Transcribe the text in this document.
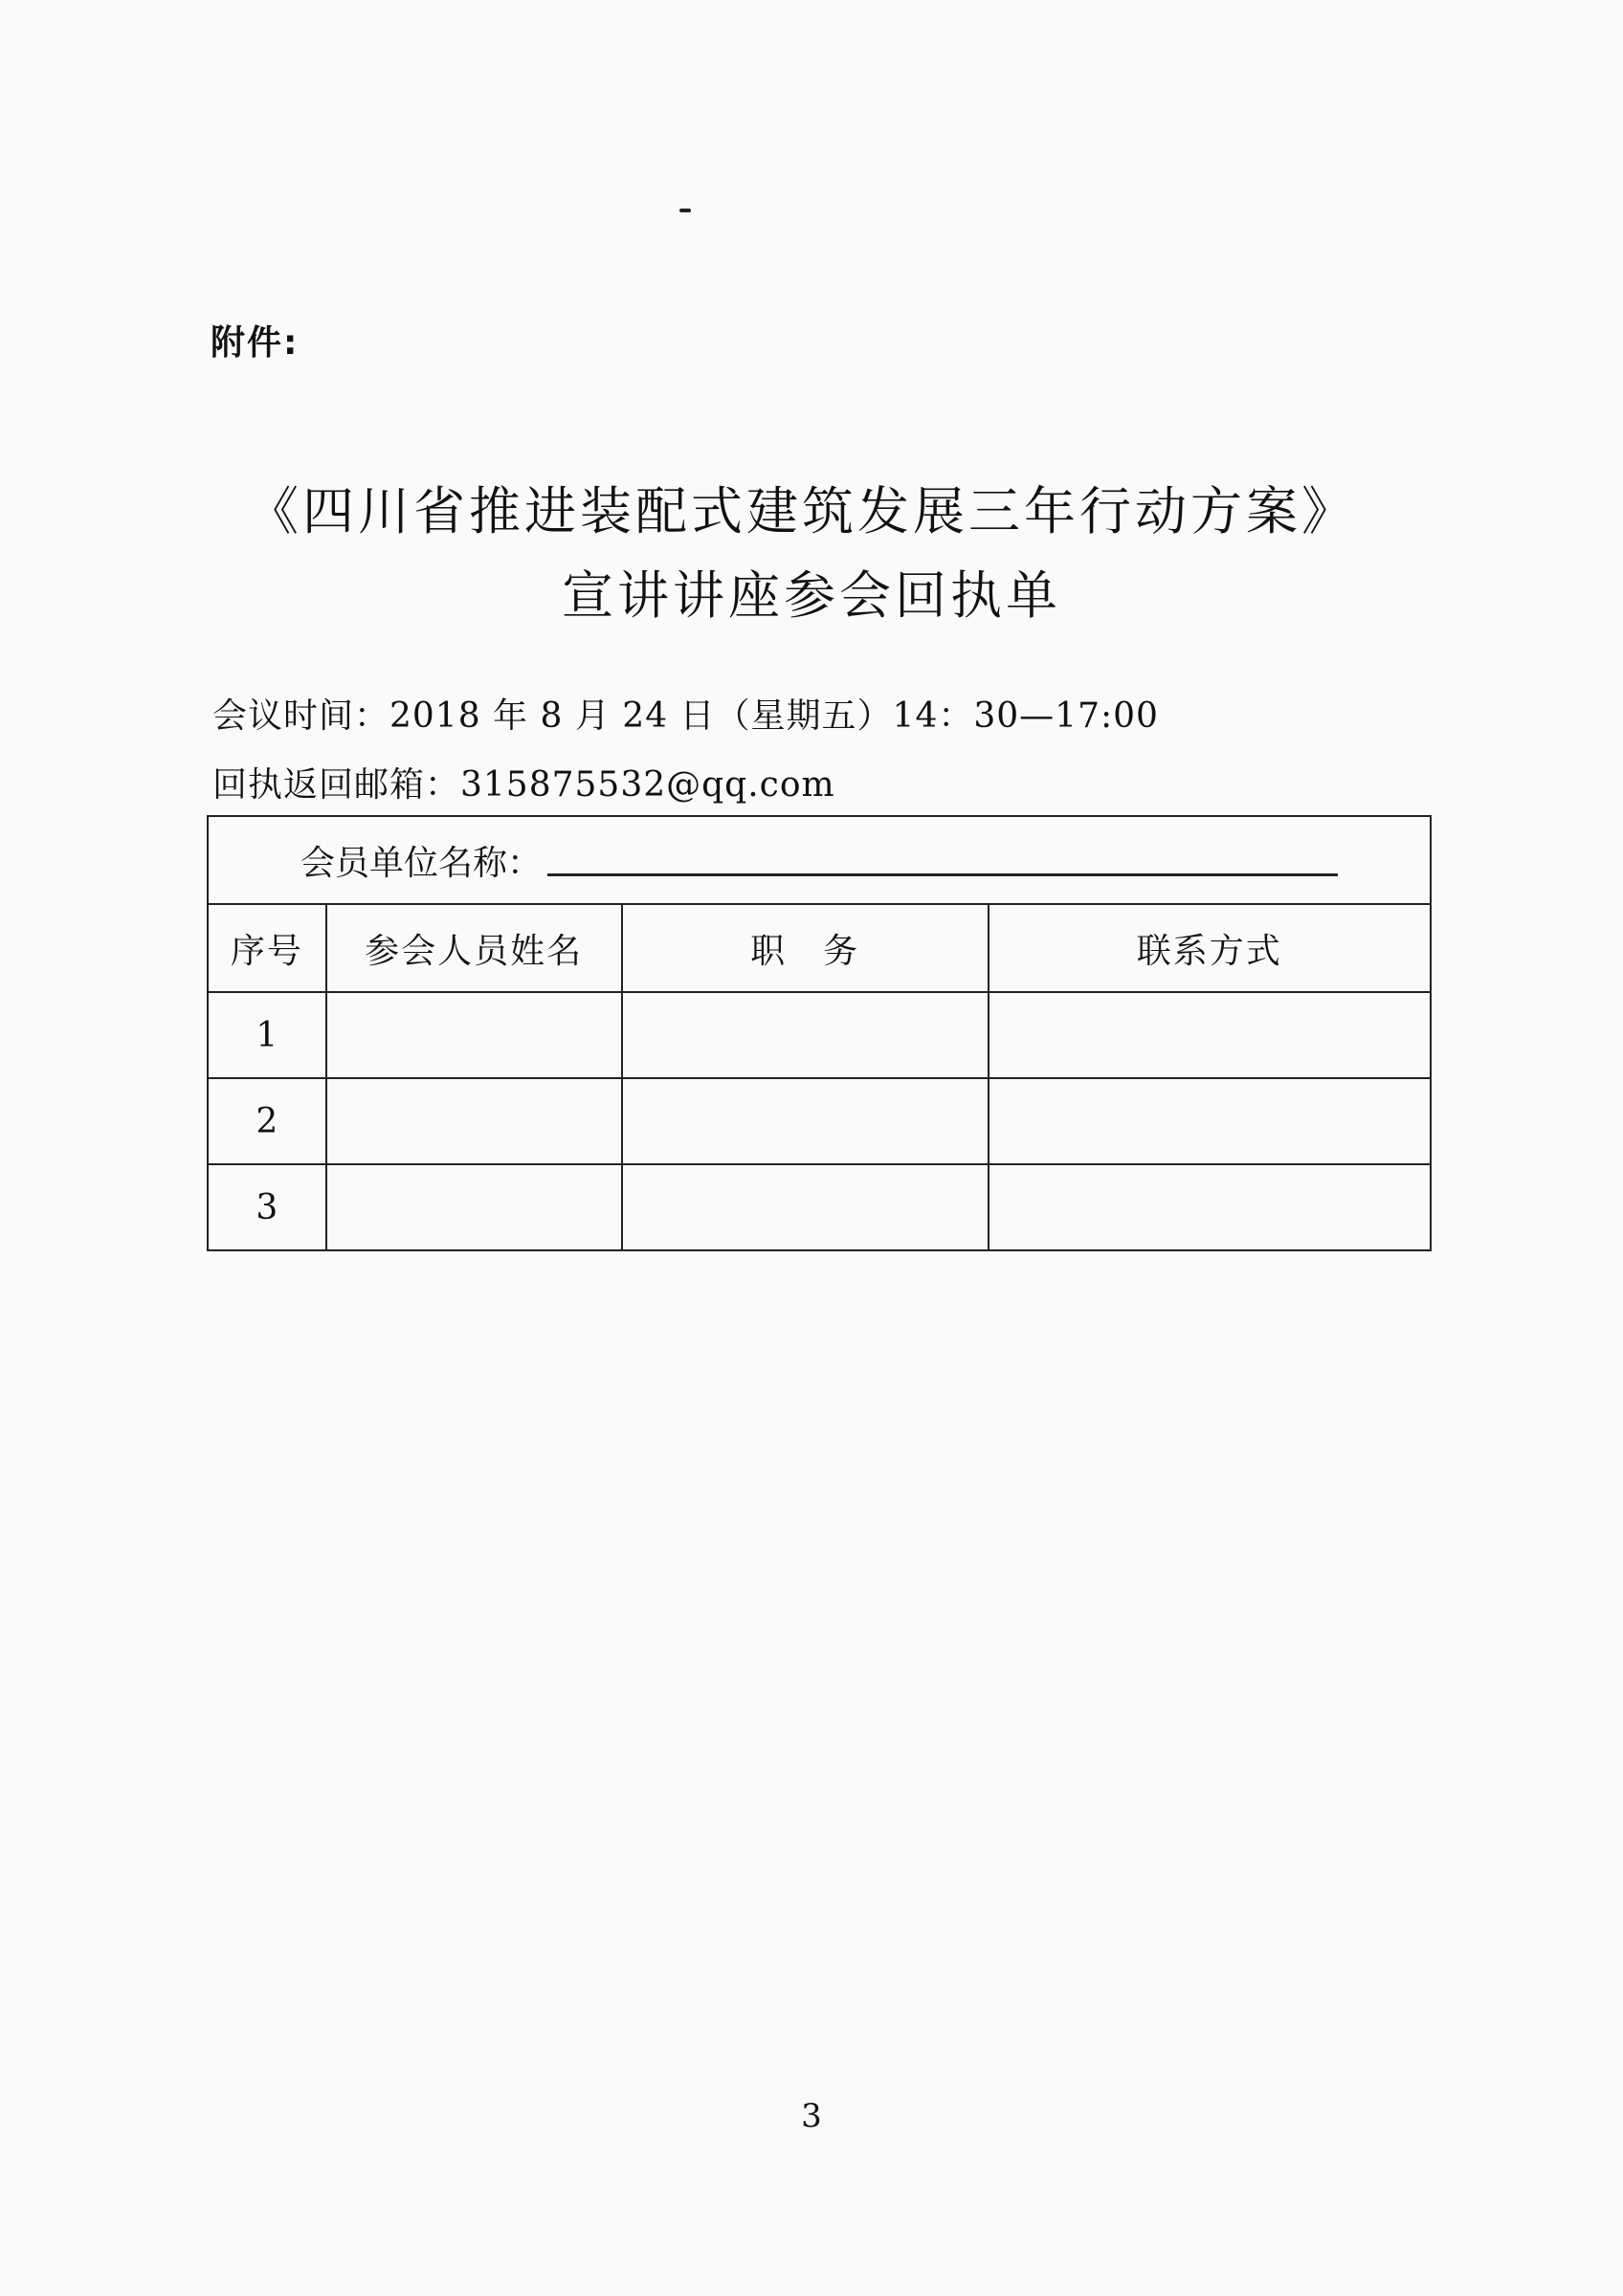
附件:
《四川省推进装配式建筑发展三年行动方案》
宣讲讲座参会回执单
会议时间：2018 年 8 月 24 日（星期五）14：30—17:00
回执返回邮箱：315875532@qq.com
会员单位名称：			
序号	参会人员姓名	职　务	联系方式
1			
2			
3			
3
